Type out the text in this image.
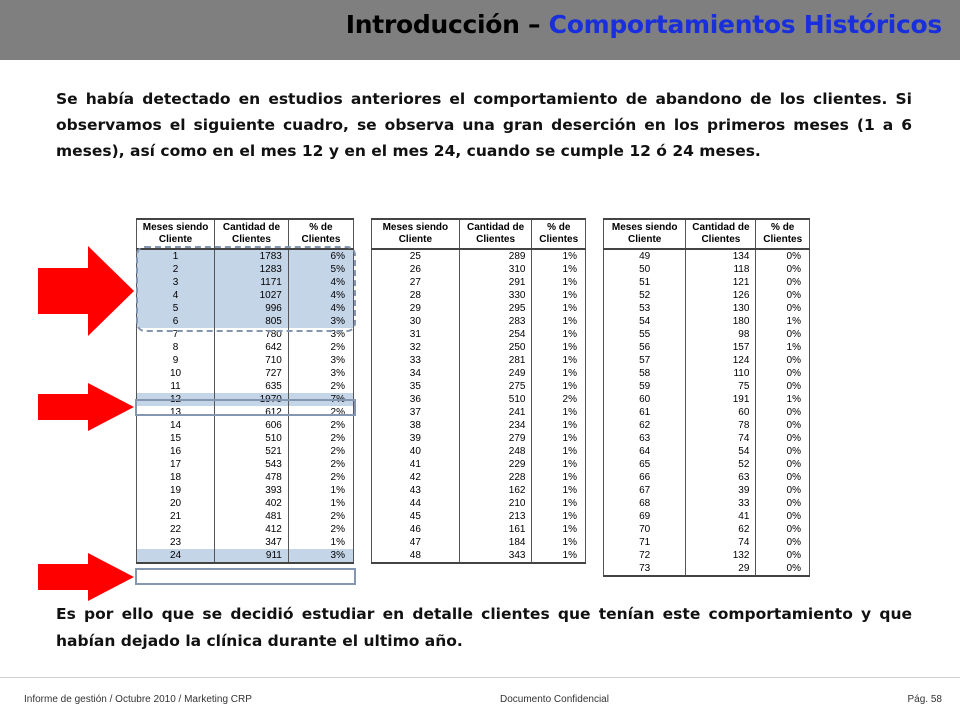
Introducción – Comportamientos Históricos

Se había detectado en estudios anteriores el comportamiento de abandono de los clientes. Si observamos el siguiente cuadro, se observa una gran deserción en los primeros meses (1 a 6 meses), así como en el mes 12 y en el mes 24, cuando se cumple 12 ó 24 meses.

Meses siendo Cliente	Cantidad de Clientes	% de Clientes
1	1783	6%
2	1283	5%
3	1171	4%
4	1027	4%
5	996	4%
6	805	3%
7	780	3%
8	642	2%
9	710	3%
10	727	3%
11	635	2%
12	1970	7%
13	612	2%
14	606	2%
15	510	2%
16	521	2%
17	543	2%
18	478	2%
19	393	1%
20	402	1%
21	481	2%
22	412	2%
23	347	1%
24	911	3%
Meses siendo Cliente	Cantidad de Clientes	% de Clientes
25	289	1%
26	310	1%
27	291	1%
28	330	1%
29	295	1%
30	283	1%
31	254	1%
32	250	1%
33	281	1%
34	249	1%
35	275	1%
36	510	2%
37	241	1%
38	234	1%
39	279	1%
40	248	1%
41	229	1%
42	228	1%
43	162	1%
44	210	1%
45	213	1%
46	161	1%
47	184	1%
48	343	1%
Meses siendo Cliente	Cantidad de Clientes	% de Clientes
49	134	0%
50	118	0%
51	121	0%
52	126	0%
53	130	0%
54	180	1%
55	98	0%
56	157	1%
57	124	0%
58	110	0%
59	75	0%
60	191	1%
61	60	0%
62	78	0%
63	74	0%
64	54	0%
65	52	0%
66	63	0%
67	39	0%
68	33	0%
69	41	0%
70	62	0%
71	74	0%
72	132	0%
73	29	0%

Es por ello que se decidió estudiar en detalle clientes que tenían este comportamiento y que habían dejado la clínica durante el ultimo año.

Informe de gestión / Octubre 2010 / Marketing CRP	Documento Confidencial	Pág. 58
